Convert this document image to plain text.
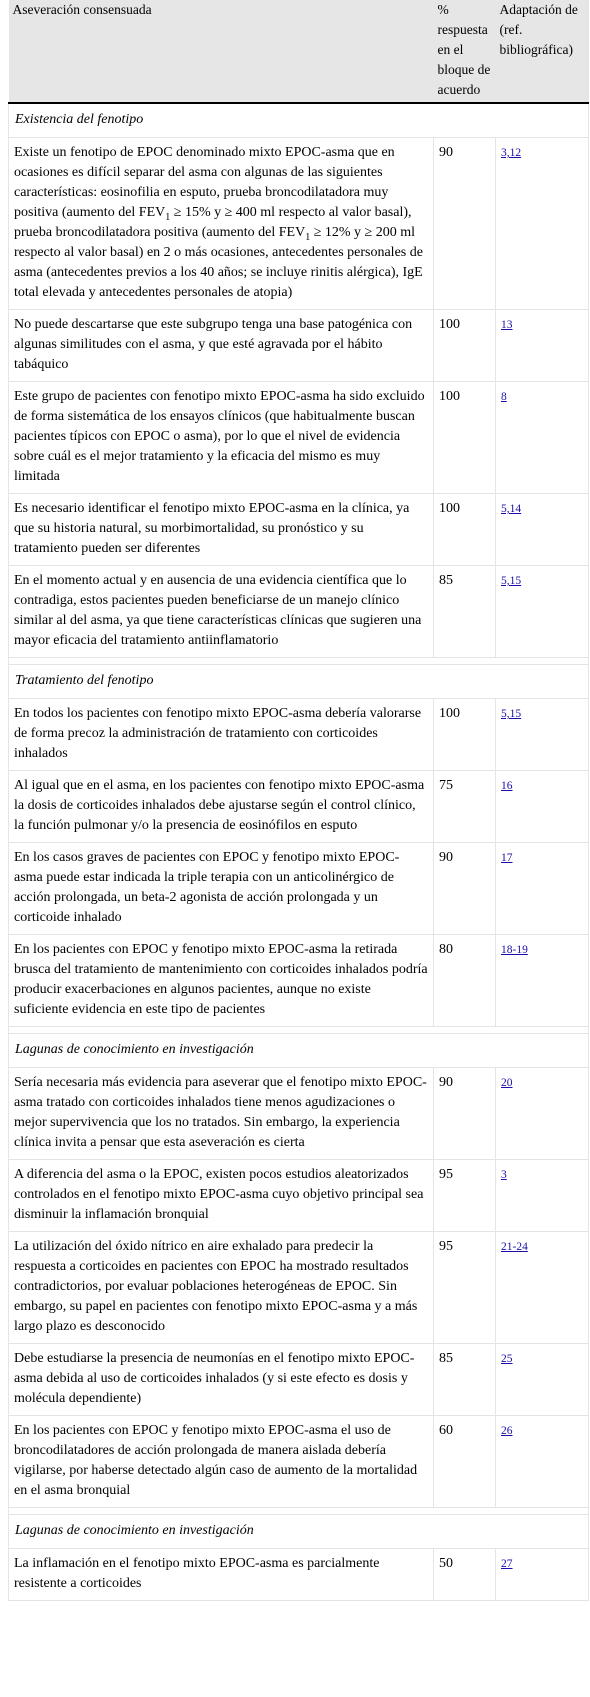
Aseveración consensuada	% respuesta en el bloque de acuerdo	Adaptación de (ref. bibliográfica)
Existencia del fenotipo		
Existe un fenotipo de EPOC denominado mixto EPOC-asma que en ocasiones es difícil separar del asma con algunas de las siguientes características: eosinofilia en esputo, prueba broncodilatadora muy positiva (aumento del $FEV_1 \ge 15\%$ y ≥ 400 ml respecto al valor basal), prueba broncodilatadora positiva (aumento del $FEV_1 \ge 12\%$ y ≥ 200 ml respecto al valor basal) en 2 o más ocasiones, antecedentes personales de asma (antecedentes previos a los 40 años; se incluye rinitis alérgica), IgE total elevada y antecedentes personales de atopia)	90	3,12
No puede descartarse que este subgrupo tenga una base patogénica con algunas similitudes con el asma, y que esté agravada por el hábito tabáquico	100	13
Este grupo de pacientes con fenotipo mixto EPOC-asma ha sido excluido de forma sistemática de los ensayos clínicos (que habitualmente buscan pacientes típicos con EPOC o asma), por lo que el nivel de evidencia sobre cuál es el mejor tratamiento y la eficacia del mismo es muy limitada	100	8
Es necesario identificar el fenotipo mixto EPOC-asma en la clínica, ya que su historia natural, su morbimortalidad, su pronóstico y su tratamiento pueden ser diferentes	100	5,14
En el momento actual y en ausencia de una evidencia científica que lo contradiga, estos pacientes pueden beneficiarse de un manejo clínico similar al del asma, ya que tiene características clínicas que sugieren una mayor eficacia del tratamiento antiinflamatorio	85	5,15

Tratamiento del fenotipo		
En todos los pacientes con fenotipo mixto EPOC-asma debería valorarse de forma precoz la administración de tratamiento con corticoides inhalados	100	5,15
Al igual que en el asma, en los pacientes con fenotipo mixto EPOC-asma la dosis de corticoides inhalados debe ajustarse según el control clínico, la función pulmonar y/o la presencia de eosinófilos en esputo	75	16
En los casos graves de pacientes con EPOC y fenotipo mixto EPOC-asma puede estar indicada la triple terapia con un anticolinérgico de acción prolongada, un beta-2 agonista de acción prolongada y un corticoide inhalado	90	17
En los pacientes con EPOC y fenotipo mixto EPOC-asma la retirada brusca del tratamiento de mantenimiento con corticoides inhalados podría producir exacerbaciones en algunos pacientes, aunque no existe suficiente evidencia en este tipo de pacientes	80	18-19

Lagunas de conocimiento en investigación		
Sería necesaria más evidencia para aseverar que el fenotipo mixto EPOC-asma tratado con corticoides inhalados tiene menos agudizaciones o mejor supervivencia que los no tratados. Sin embargo, la experiencia clínica invita a pensar que esta aseveración es cierta	90	20
A diferencia del asma o la EPOC, existen pocos estudios aleatorizados controlados en el fenotipo mixto EPOC-asma cuyo objetivo principal sea disminuir la inflamación bronquial	95	3
La utilización del óxido nítrico en aire exhalado para predecir la respuesta a corticoides en pacientes con EPOC ha mostrado resultados contradictorios, por evaluar poblaciones heterogéneas de EPOC. Sin embargo, su papel en pacientes con fenotipo mixto EPOC-asma y a más largo plazo es desconocido	95	21-24
Debe estudiarse la presencia de neumonías en el fenotipo mixto EPOC-asma debida al uso de corticoides inhalados (y si este efecto es dosis y molécula dependiente)	85	25
En los pacientes con EPOC y fenotipo mixto EPOC-asma el uso de broncodilatadores de acción prolongada de manera aislada debería vigilarse, por haberse detectado algún caso de aumento de la mortalidad en el asma bronquial	60	26

Lagunas de conocimiento en investigación		
La inflamación en el fenotipo mixto EPOC-asma es parcialmente resistente a corticoides	50	27
